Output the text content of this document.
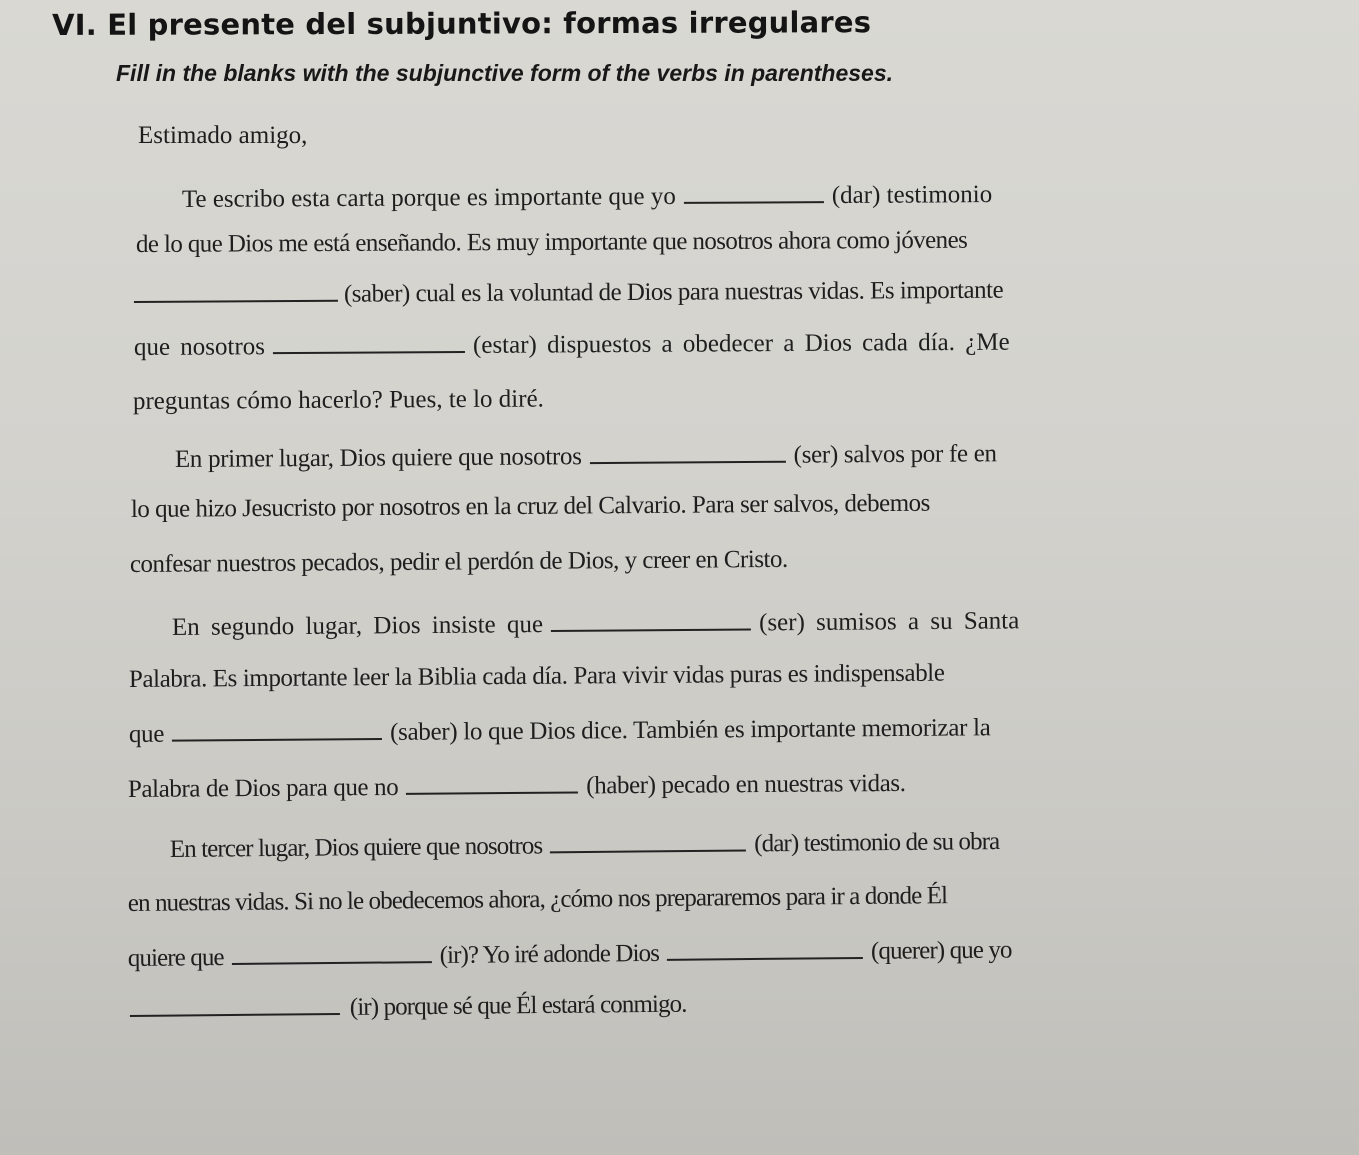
VI. El presente del subjuntivo: formas irregulares
Fill in the blanks with the subjunctive form of the verbs in parentheses.
Estimado amigo,
Te escribo esta carta porque es importante que yo	(dar) testimonio
de lo que Dios me está enseñando. Es muy importante que nosotros ahora como jóvenes
(saber) cual es la voluntad de Dios para nuestras vidas. Es importante
que nosotros	(estar) dispuestos a obedecer a Dios cada día. ¿Me
preguntas cómo hacerlo? Pues, te lo diré.
En primer lugar, Dios quiere que nosotros	(ser) salvos por fe en
lo que hizo Jesucristo por nosotros en la cruz del Calvario. Para ser salvos, debemos
confesar nuestros pecados, pedir el perdón de Dios, y creer en Cristo.
En segundo lugar, Dios insiste que	(ser) sumisos a su Santa
Palabra. Es importante leer la Biblia cada día. Para vivir vidas puras es indispensable
que	(saber) lo que Dios dice. También es importante memorizar la
Palabra de Dios para que no	(haber) pecado en nuestras vidas.
En tercer lugar, Dios quiere que nosotros	(dar) testimonio de su obra
en nuestras vidas. Si no le obedecemos ahora, ¿cómo nos prepararemos para ir a donde Él
quiere que	(ir)? Yo iré adonde Dios	(querer) que yo
(ir) porque sé que Él estará conmigo.
